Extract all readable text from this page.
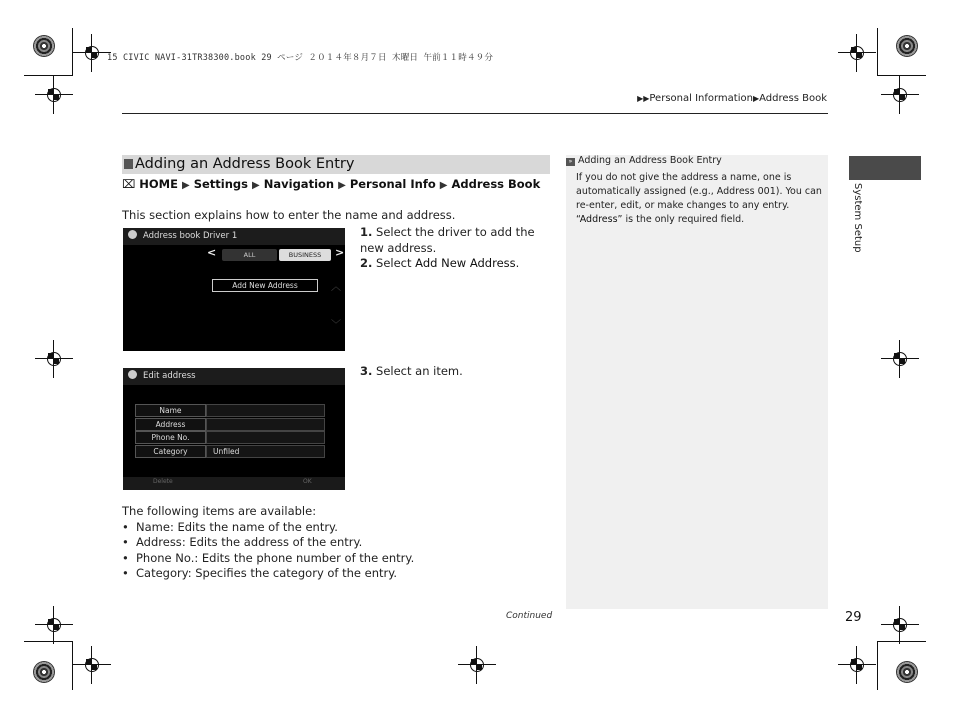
15 CIVIC NAVI-31TR38300.book 29 ページ ２０１４年８月７日 木曜日 午前１１時４９分
▶▶Personal Information▶Address Book
System Setup
Adding an Address Book Entry
⌧ HOME ▶ Settings ▶ Navigation ▶ Personal Info ▶ Address Book
This section explains how to enter the name and address.
Address book Driver 1
<	ALL	BUSINESS	>
Add New Address	︿
﹀
1. Select the driver to add the new address.
2. Select Add New Address.
Edit address
Name
Address
Phone No.
Category	Unfiled
Delete	OK
3. Select an item.
The following items are available:
• Name: Edits the name of the entry.
• Address: Edits the address of the entry.
• Phone No.: Edits the phone number of the entry.
• Category: Specifies the category of the entry.
Continued
» Adding an Address Book Entry
If you do not give the address a name, one is automatically assigned (e.g., Address 001). You can re-enter, edit, or make changes to any entry.
“Address” is the only required field.
29
